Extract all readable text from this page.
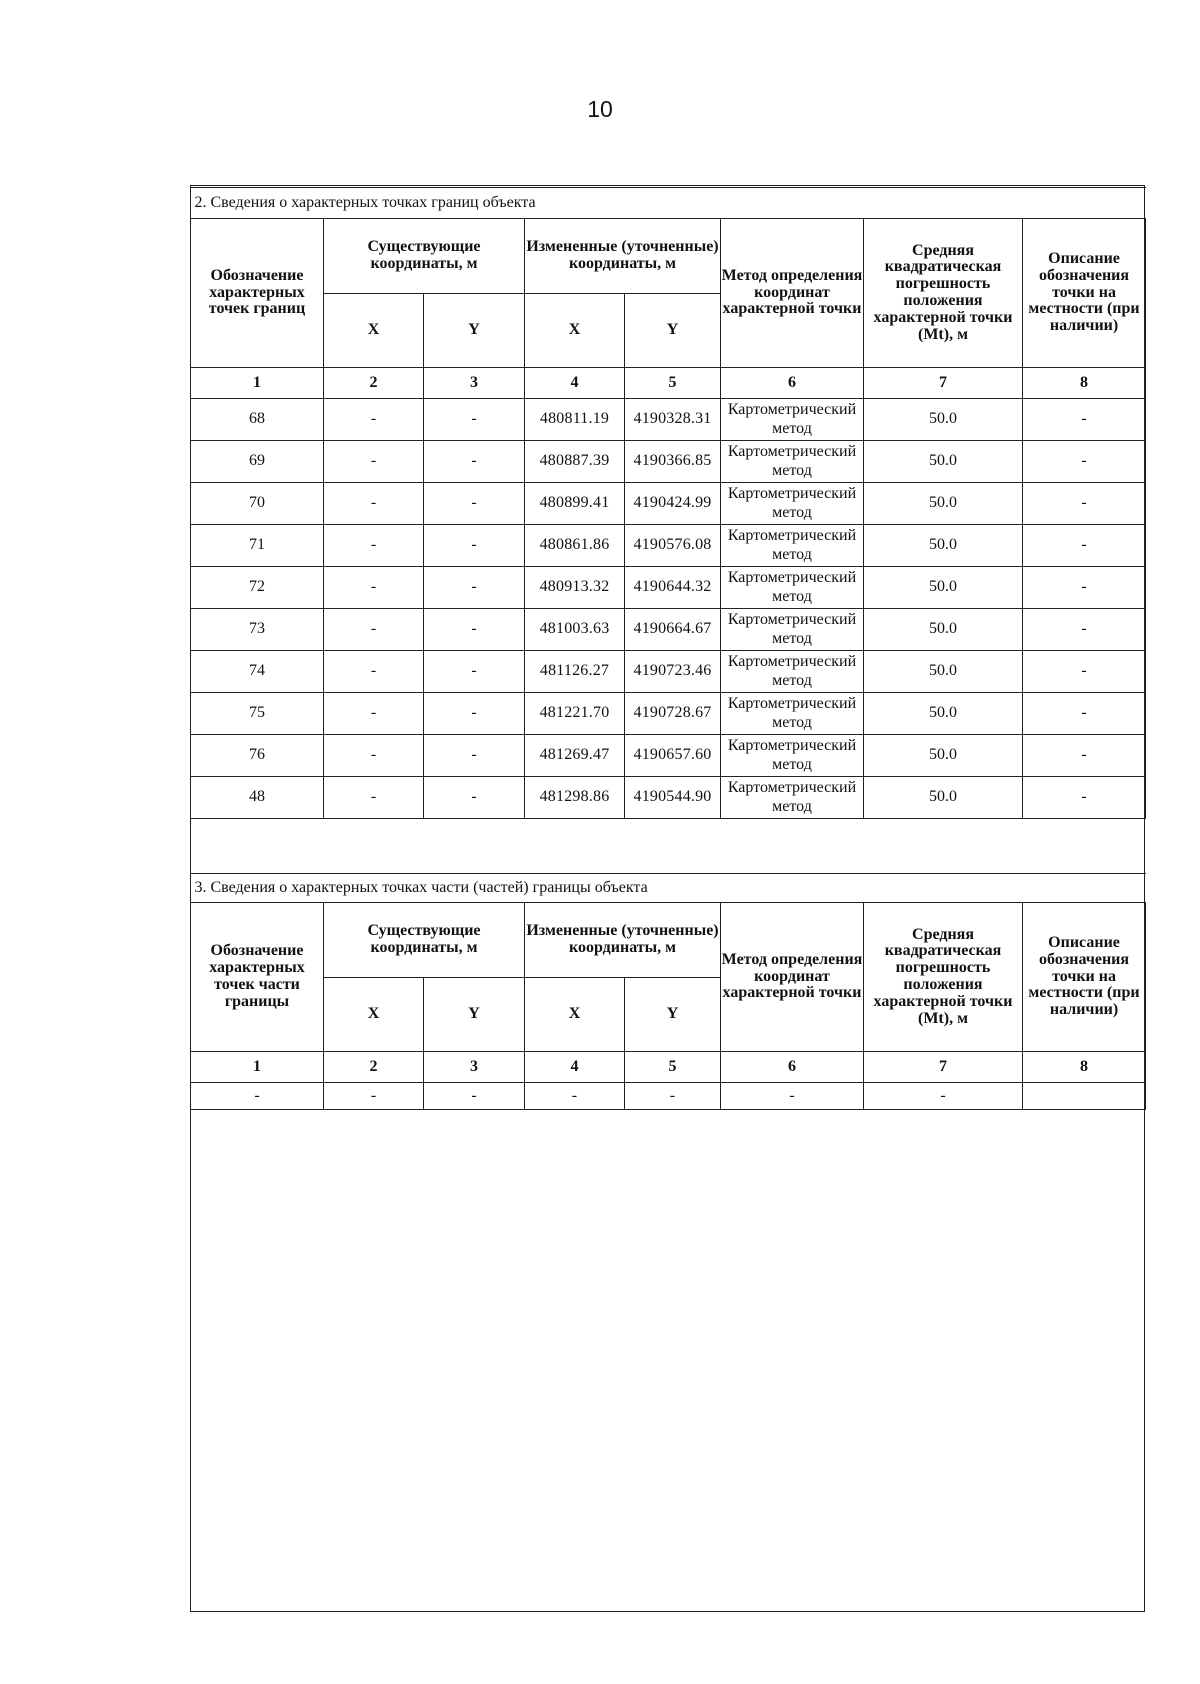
10
2. Сведения о характерных точках границ объекта							
Обозначение характерных точек границ	Существующие координаты, м		Измененные (уточненные) координаты, м		Метод определения координат характерной точки	Средняя квадратическая погрешность положения характерной точки (Mt), м	Описание обозначения точки на местности (при наличии)
	X	Y	X	Y			
1	2	3	4	5	6	7	8
68	-	-	480811.19	4190328.31	Картометрический метод	50.0	-
69	-	-	480887.39	4190366.85	Картометрический метод	50.0	-
70	-	-	480899.41	4190424.99	Картометрический метод	50.0	-
71	-	-	480861.86	4190576.08	Картометрический метод	50.0	-
72	-	-	480913.32	4190644.32	Картометрический метод	50.0	-
73	-	-	481003.63	4190664.67	Картометрический метод	50.0	-
74	-	-	481126.27	4190723.46	Картометрический метод	50.0	-
75	-	-	481221.70	4190728.67	Картометрический метод	50.0	-
76	-	-	481269.47	4190657.60	Картометрический метод	50.0	-
48	-	-	481298.86	4190544.90	Картометрический метод	50.0	-
3. Сведения о характерных точках части (частей) границы объекта							
Обозначение характерных точек части границы	Существующие координаты, м		Измененные (уточненные) координаты, м		Метод определения координат характерной точки	Средняя квадратическая погрешность положения характерной точки (Mt), м	Описание обозначения точки на местности (при наличии)
	X	Y	X	Y			
1	2	3	4	5	6	7	8
-	-	-	-	-	-	-	
